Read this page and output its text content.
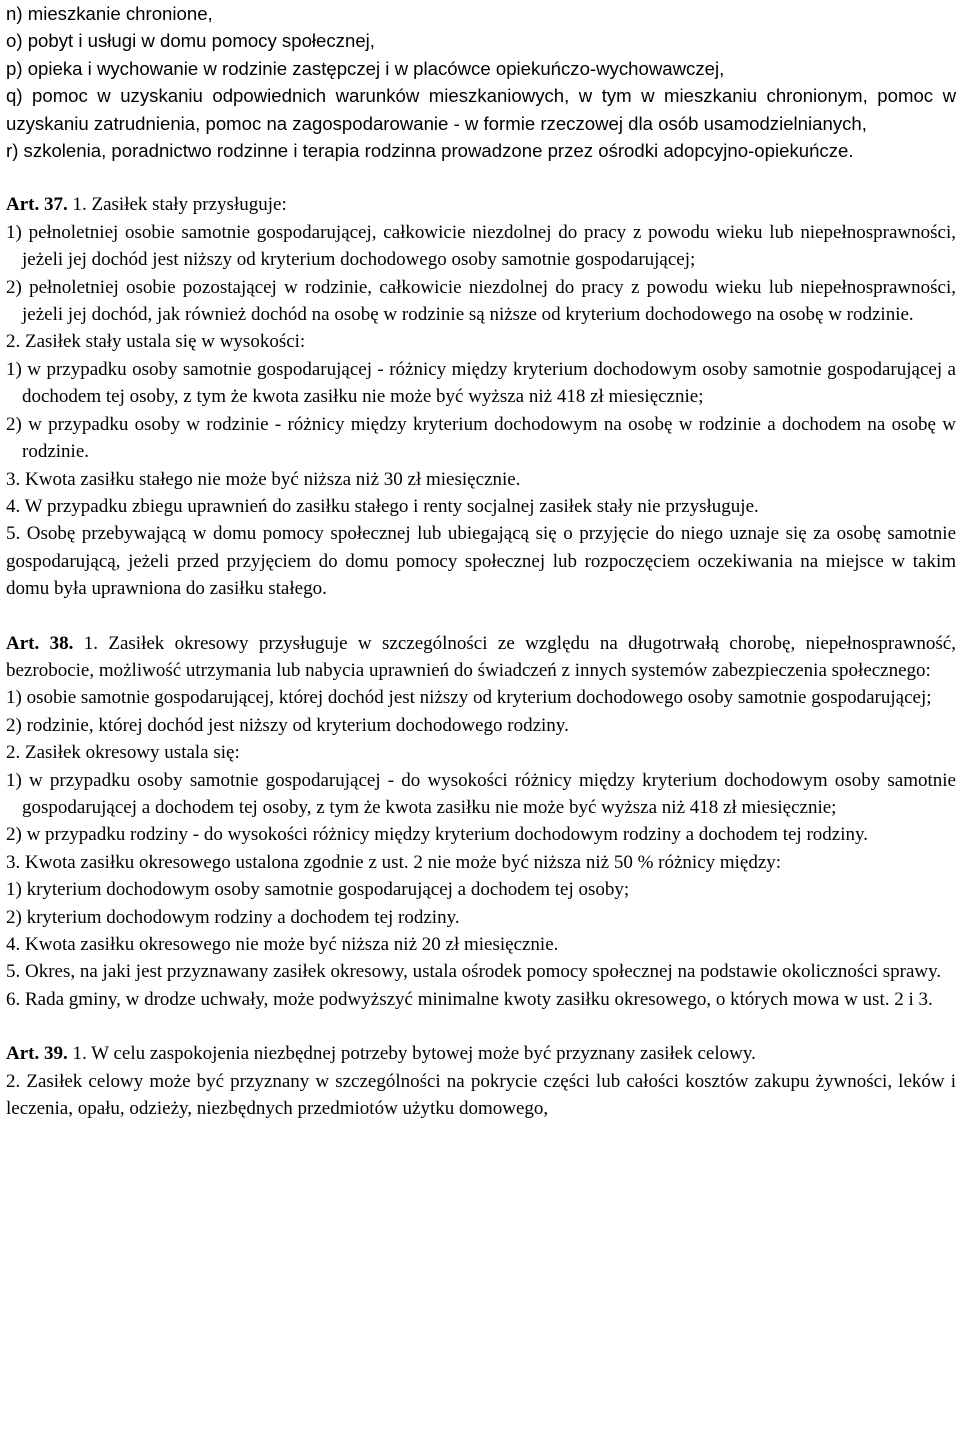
n) mieszkanie chronione,

o) pobyt i usługi w domu pomocy społecznej,

p) opieka i wychowanie w rodzinie zastępczej i w placówce opiekuńczo-wychowawczej,

q) pomoc w uzyskaniu odpowiednich warunków mieszkaniowych, w tym w mieszkaniu chronionym, pomoc w uzyskaniu zatrudnienia, pomoc na zagospodarowanie - w formie rzeczowej dla osób usamodzielnianych,

r) szkolenia, poradnictwo rodzinne i terapia rodzinna prowadzone przez ośrodki adopcyjno-opiekuńcze.

Art. 37. 1. Zasiłek stały przysługuje:

1) pełnoletniej osobie samotnie gospodarującej, całkowicie niezdolnej do pracy z powodu wieku lub niepełnosprawności, jeżeli jej dochód jest niższy od kryterium dochodowego osoby samotnie gospodarującej;

2) pełnoletniej osobie pozostającej w rodzinie, całkowicie niezdolnej do pracy z powodu wieku lub niepełnosprawności, jeżeli jej dochód, jak również dochód na osobę w rodzinie są niższe od kryterium dochodowego na osobę w rodzinie.

2. Zasiłek stały ustala się w wysokości:

1) w przypadku osoby samotnie gospodarującej - różnicy między kryterium dochodowym osoby samotnie gospodarującej a dochodem tej osoby, z tym że kwota zasiłku nie może być wyższa niż 418 zł miesięcznie;

2) w przypadku osoby w rodzinie - różnicy między kryterium dochodowym na osobę w rodzinie a dochodem na osobę w rodzinie.

3. Kwota zasiłku stałego nie może być niższa niż 30 zł miesięcznie.

4. W przypadku zbiegu uprawnień do zasiłku stałego i renty socjalnej zasiłek stały nie przysługuje.

5. Osobę przebywającą w domu pomocy społecznej lub ubiegającą się o przyjęcie do niego uznaje się za osobę samotnie gospodarującą, jeżeli przed przyjęciem do domu pomocy społecznej lub rozpoczęciem oczekiwania na miejsce w takim domu była uprawniona do zasiłku stałego.

Art. 38. 1. Zasiłek okresowy przysługuje w szczególności ze względu na długotrwałą chorobę, niepełnosprawność, bezrobocie, możliwość utrzymania lub nabycia uprawnień do świadczeń z innych systemów zabezpieczenia społecznego:

1) osobie samotnie gospodarującej, której dochód jest niższy od kryterium dochodowego osoby samotnie gospodarującej;

2) rodzinie, której dochód jest niższy od kryterium dochodowego rodziny.

2. Zasiłek okresowy ustala się:

1) w przypadku osoby samotnie gospodarującej - do wysokości różnicy między kryterium dochodowym osoby samotnie gospodarującej a dochodem tej osoby, z tym że kwota zasiłku nie może być wyższa niż 418 zł miesięcznie;

2) w przypadku rodziny - do wysokości różnicy między kryterium dochodowym rodziny a dochodem tej rodziny.

3. Kwota zasiłku okresowego ustalona zgodnie z ust. 2 nie może być niższa niż 50 % różnicy między:

1) kryterium dochodowym osoby samotnie gospodarującej a dochodem tej osoby;

2) kryterium dochodowym rodziny a dochodem tej rodziny.

4. Kwota zasiłku okresowego nie może być niższa niż 20 zł miesięcznie.

5. Okres, na jaki jest przyznawany zasiłek okresowy, ustala ośrodek pomocy społecznej na podstawie okoliczności sprawy.

6. Rada gminy, w drodze uchwały, może podwyższyć minimalne kwoty zasiłku okresowego, o których mowa w ust. 2 i 3.

Art. 39. 1. W celu zaspokojenia niezbędnej potrzeby bytowej może być przyznany zasiłek celowy.

2. Zasiłek celowy może być przyznany w szczególności na pokrycie części lub całości kosztów zakupu żywności, leków i leczenia, opału, odzieży, niezbędnych przedmiotów użytku domowego,
